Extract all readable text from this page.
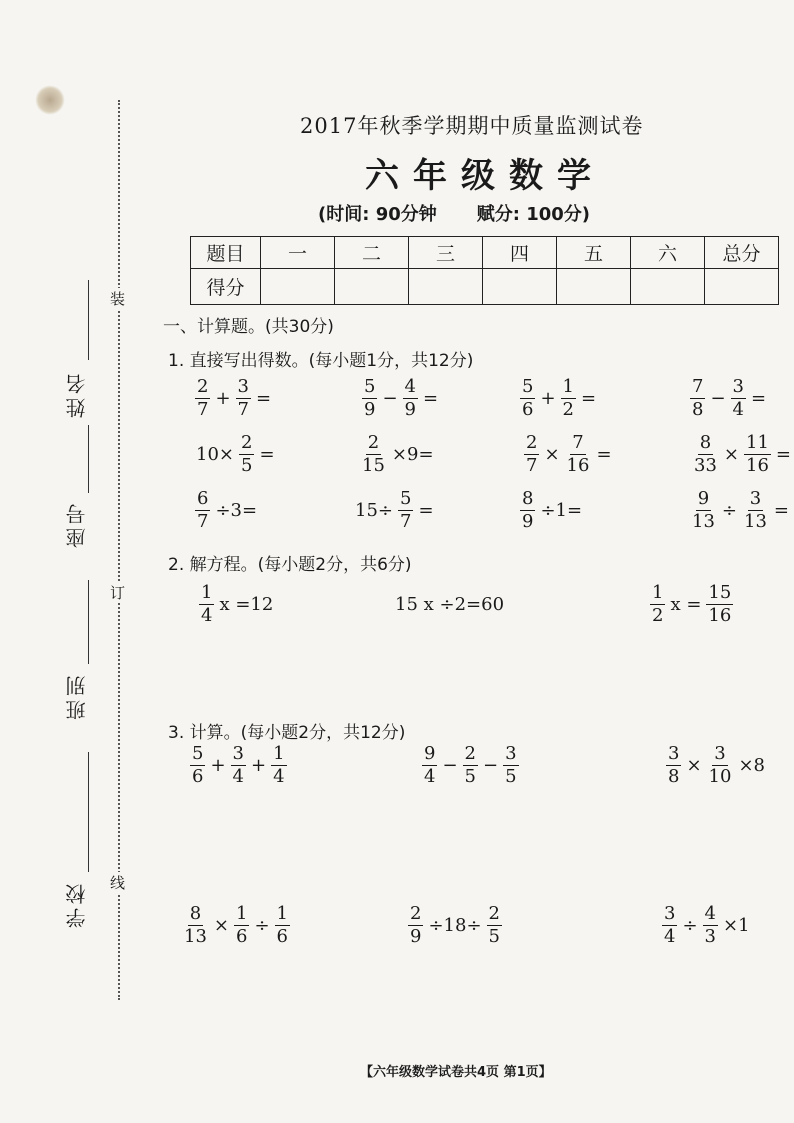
装
订
线
姓名
座号
班别
学校
2017年秋季学期期中质量监测试卷
六年级数学
(时间: 90分钟 赋分: 100分)
题目	一	二	三	四	五	六	总分
得分							
一、计算题。(共30分)
1. 直接写出得数。(每小题1分，共12分)
$\frac{2}{7} + \frac{3}{7}$ =	$\frac{5}{9} - \frac{4}{9}$ =	$\frac{5}{6} + \frac{1}{2}$ =	$\frac{7}{8} - \frac{3}{4}$ =
$10\times \frac{2}{5}$ =	$\frac{2}{15} \times 9=$	$\frac{2}{7} \times \frac{7}{16}$ =	$\frac{8}{33} \times \frac{11}{16}$ =
$\frac{6}{7} \div 3=$	$15\div \frac{5}{7}$ =	$\frac{8}{9} \div 1=$	$\frac{9}{13} \div \frac{3}{13}$ =
2. 解方程。(每小题2分，共6分)
$\frac{1}{4}$ x =12	15 x ÷2=60	$\frac{1}{2}$ $x = \frac{15}{16}$
3. 计算。(每小题2分，共12分)
$\frac{5}{6} + \frac{3}{4} + \frac{1}{4}$	$\frac{9}{4} - \frac{2}{5} - \frac{3}{5}$	$\frac{3}{8} \times \frac{3}{10} \times 8$
$\frac{8}{13} \times \frac{1}{6} \div \frac{1}{6}$	$\frac{2}{9} \div 18\div \frac{2}{5}$	$\frac{3}{4} \div \frac{4}{3} \times 1$
【六年级数学试卷共4页 第1页】
